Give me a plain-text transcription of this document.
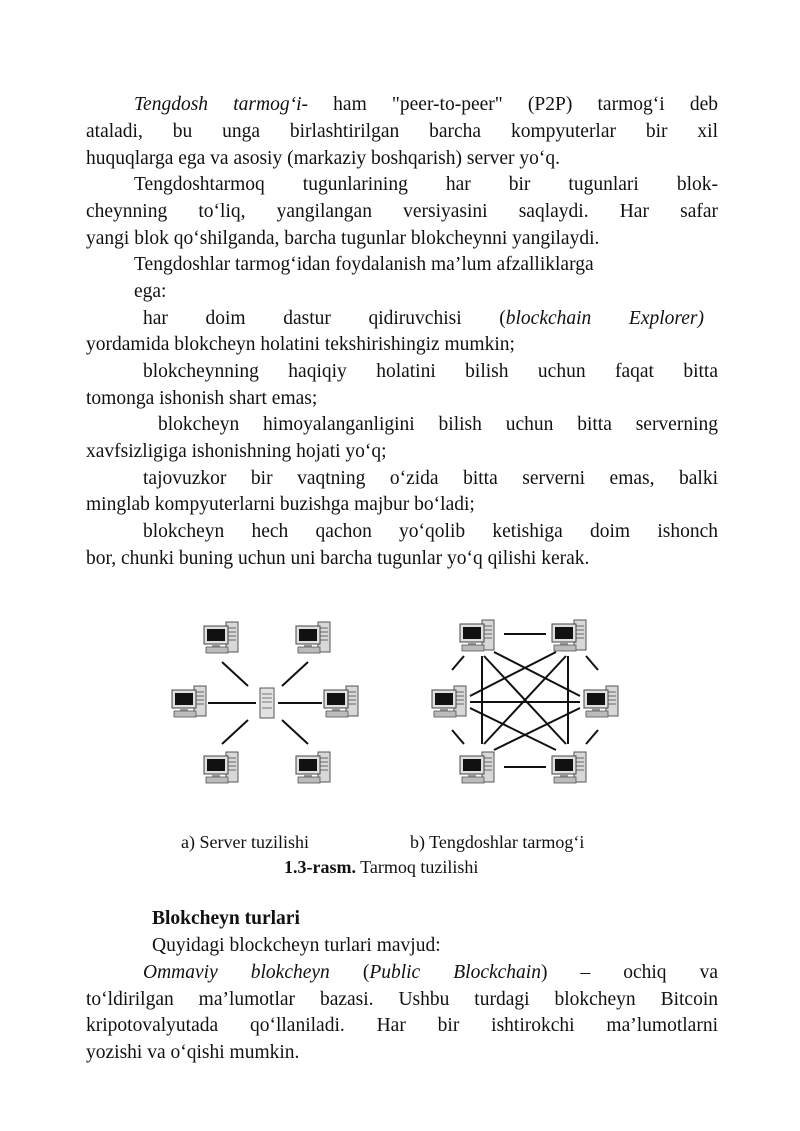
Tengdosh tarmog‘i- ham "peer-to-peer" (P2P) tarmog‘i deb
ataladi, bu unga birlashtirilgan barcha kompyuterlar bir xil
huquqlarga ega va asosiy (markaziy boshqarish) server yo‘q.
Tengdoshtarmoq tugunlarining har bir tugunlari blok-
cheynning to‘liq, yangilangan versiyasini saqlaydi. Har safar
yangi blok qo‘shilganda, barcha tugunlar blokcheynni yangilaydi.
Tengdoshlar tarmog‘idan foydalanish ma’lum afzalliklarga
ega:
har doim dastur qidiruvchisi (blockchain Explorer)
yordamida blokcheyn holatini tekshirishingiz mumkin;
blokcheynning haqiqiy holatini bilish uchun faqat bitta
tomonga ishonish shart emas;
blokcheyn himoyalanganligini bilish uchun bitta serverning
xavfsizligiga ishonishning hojati yo‘q;
tajovuzkor bir vaqtning o‘zida bitta serverni emas, balki
minglab kompyuterlarni buzishga majbur bo‘ladi;
blokcheyn hech qachon yo‘qolib ketishiga doim ishonch
bor, chunki buning uchun uni barcha tugunlar yo‘q qilishi kerak.
a) Server tuzilishi	b) Tengdoshlar tarmog‘i
1.3-rasm. Tarmoq tuzilishi
Blokcheyn turlari
Quyidagi blockcheyn turlari mavjud:
Ommaviy blokcheyn (Public Blockchain) – ochiq va
to‘ldirilgan ma’lumotlar bazasi. Ushbu turdagi blokcheyn Bitcoin
kripotovalyutada qo‘llaniladi. Har bir ishtirokchi ma’lumotlarni
yozishi va o‘qishi mumkin.
